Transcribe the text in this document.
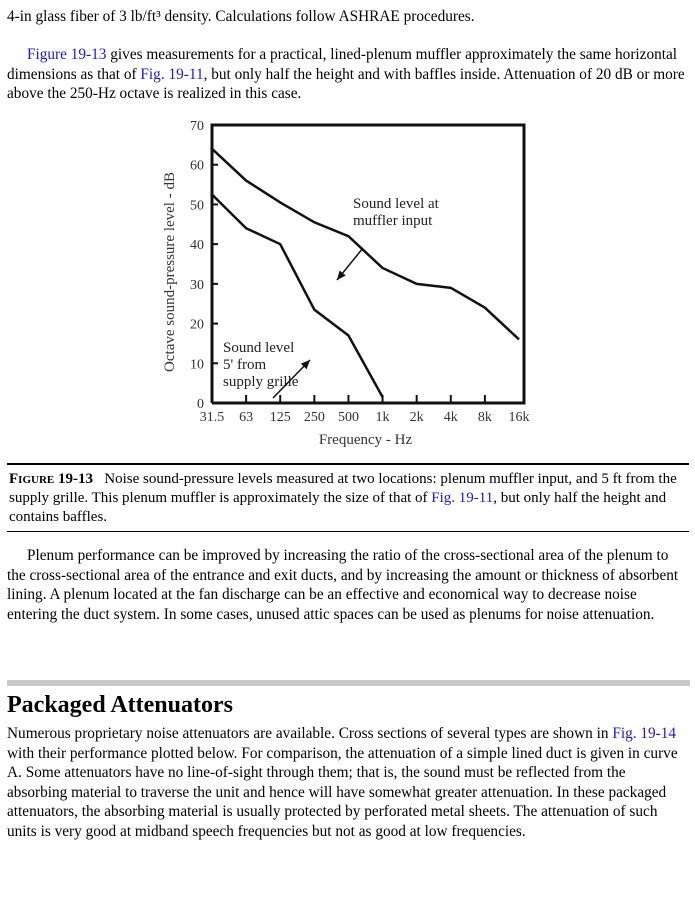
4-in glass fiber of 3 lb/ft³ density. Calculations follow ASHRAE procedures.

Figure 19-13 gives measurements for a practical, lined-plenum muffler approximately the same horizontal dimensions as that of Fig. 19-11, but only half the height and with baffles inside. Attenuation of 20 dB or more above the 250-Hz octave is realized in this case.

0
10
20
30
40
50
60
70
31.5 63 125 250 500 1k 2k 4k 8k 16k
Frequency - Hz
Octave sound-pressure level - dB	Sound level at
muffler input
Sound level
5' from
supply grille
Figure 19-13 Noise sound-pressure levels measured at two locations: plenum muffler input, and 5 ft from the supply grille. This plenum muffler is approximately the size of that of Fig. 19-11, but only half the height and contains baffles.

Plenum performance can be improved by increasing the ratio of the cross-sectional area of the plenum to the cross-sectional area of the entrance and exit ducts, and by increasing the amount or thickness of absorbent lining. A plenum located at the fan discharge can be an effective and economical way to decrease noise entering the duct system. In some cases, unused attic spaces can be used as plenums for noise attenuation.

Packaged Attenuators

Numerous proprietary noise attenuators are available. Cross sections of several types are shown in Fig. 19-14 with their performance plotted below. For comparison, the attenuation of a simple lined duct is given in curve A. Some attenuators have no line-of-sight through them; that is, the sound must be reflected from the absorbing material to traverse the unit and hence will have somewhat greater attenuation. In these packaged attenuators, the absorbing material is usually protected by perforated metal sheets. The attenuation of such units is very good at midband speech frequencies but not as good at low frequencies.
